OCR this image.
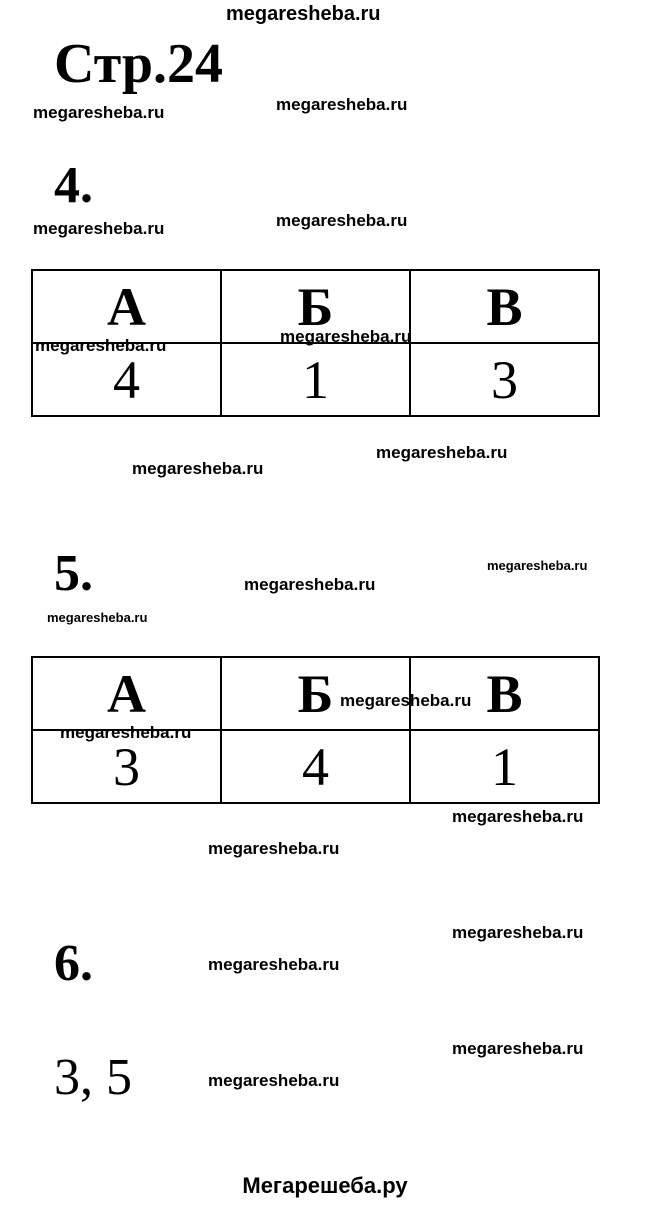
megaresheba.ru
megaresheba.ru	megaresheba.ru
megaresheba.ru	megaresheba.ru
megaresheba.ru
megaresheba.ru
megaresheba.ru
megaresheba.ru
megaresheba.ru
megaresheba.ru
megaresheba.ru
megaresheba.ru
megaresheba.ru
megaresheba.ru
megaresheba.ru
Стр.24
4.
А	Б	В
4	1	3
5.
А	Б	В
3	4	1
megaresheba.ru	megaresheba.ru
megaresheba.ru
megaresheba.ru
6.
3, 5
Мегарешеба.ру
